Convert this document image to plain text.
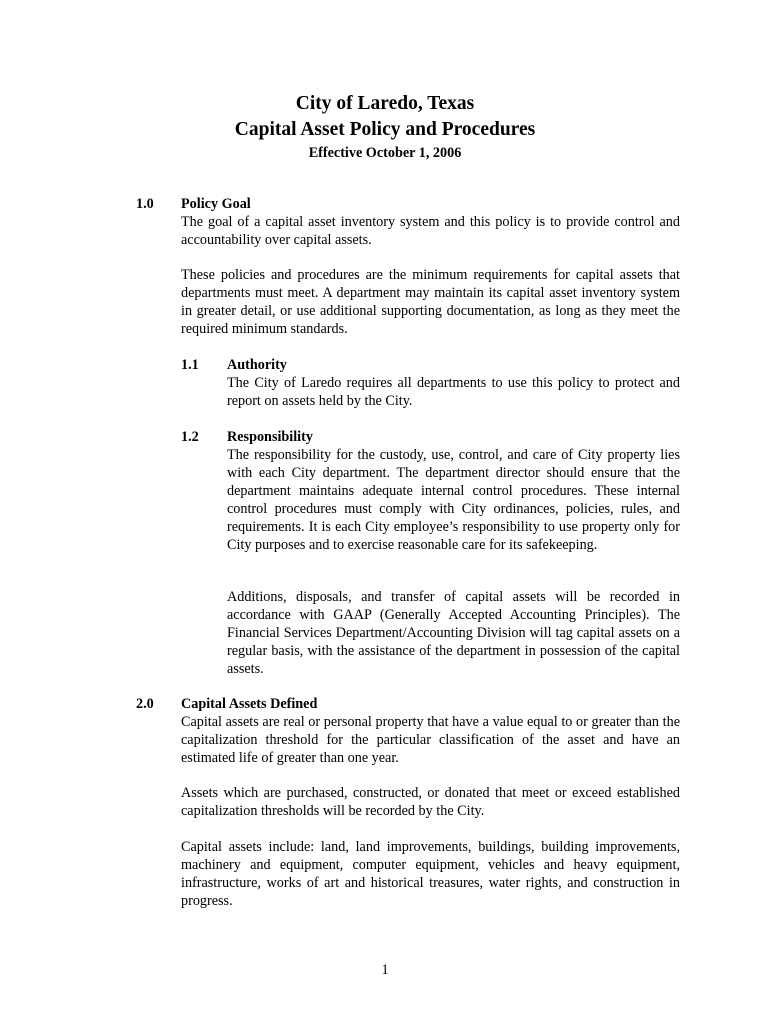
City of Laredo, Texas
Capital Asset Policy and Procedures
Effective October 1, 2006
1.0 Policy Goal
The goal of a capital asset inventory system and this policy is to provide control and accountability over capital assets.

These policies and procedures are the minimum requirements for capital assets that departments must meet. A department may maintain its capital asset inventory system in greater detail, or use additional supporting documentation, as long as they meet the required minimum standards.

1.1 Authority
The City of Laredo requires all departments to use this policy to protect and report on assets held by the City.
1.2 Responsibility
The responsibility for the custody, use, control, and care of City property lies with each City department. The department director should ensure that the department maintains adequate internal control procedures. These internal control procedures must comply with City ordinances, policies, rules, and requirements. It is each City employee’s responsibility to use property only for City purposes and to exercise reasonable care for its safekeeping.

Additions, disposals, and transfer of capital assets will be recorded in accordance with GAAP (Generally Accepted Accounting Principles). The Financial Services Department/Accounting Division will tag capital assets on a regular basis, with the assistance of the department in possession of the capital assets.

2.0 Capital Assets Defined
Capital assets are real or personal property that have a value equal to or greater than the capitalization threshold for the particular classification of the asset and have an estimated life of greater than one year.

Assets which are purchased, constructed, or donated that meet or exceed established capitalization thresholds will be recorded by the City.

Capital assets include: land, land improvements, buildings, building improvements, machinery and equipment, computer equipment, vehicles and heavy equipment, infrastructure, works of art and historical treasures, water rights, and construction in progress.

1
